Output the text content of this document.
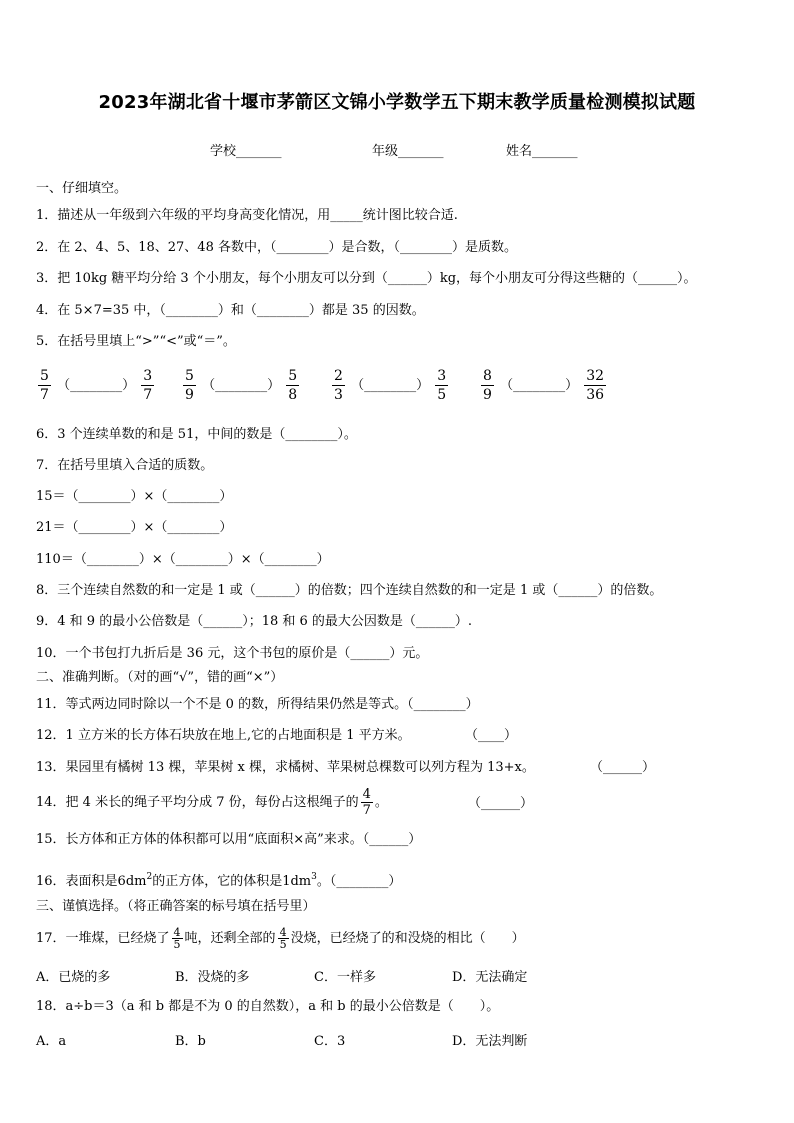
2023年湖北省十堰市茅箭区文锦小学数学五下期末教学质量检测模拟试题
学校_______	年级_______	姓名_______
一、仔细填空。
1．描述从一年级到六年级的平均身高变化情况，用_____统计图比较合适.
2．在 2、4、5、18、27、48 各数中，（________）是合数，（________）是质数。
3．把 10kg 糖平均分给 3 个小朋友，每个小朋友可以分到（______）kg，每个小朋友可分得这些糖的（______）。
4．在 5×7=35 中，（________）和（________）都是 35 的因数。
5．在括号里填上“>”“<”或“＝”。
$\frac{5}{7}$ （________） $\frac{3}{7} \frac{5}{9}$ （________） $\frac{5}{8} \frac{2}{3}$ （________） $\frac{3}{5} \frac{8}{9}$ （________） $\frac{32}{36}$
6．3 个连续单数的和是 51，中间的数是（________）。
7．在括号里填入合适的质数。
15＝（________）×（________）
21＝（________）×（________）
110＝（________）×（________）×（________）
8．三个连续自然数的和一定是 1 或（______）的倍数；四个连续自然数的和一定是 1 或（______）的倍数。
9．4 和 9 的最小公倍数是（______）；18 和 6 的最大公因数是（______）.
10．一个书包打九折后是 36 元，这个书包的原价是（______）元。
二、准确判断。（对的画“√”，错的画“×”）
11．等式两边同时除以一个不是 0 的数，所得结果仍然是等式。（________）
12．1 立方米的长方体石块放在地上,它的占地面积是 1 平方米。	（____）
13．果园里有橘树 13 棵，苹果树 x 棵，求橘树、苹果树总棵数可以列方程为 13+x。	（______）
14．把 4 米长的绳子平均分成 7 份，每份占这根绳子的 $\frac{4}{7}$ 。	（______）
15．长方体和正方体的体积都可以用“底面积×高”来求。（______）
16．表面积是$6dm^2$的正方体，它的体积是$1dm^3$。（________）
三、谨慎选择。（将正确答案的标号填在括号里）
17．一堆煤，已经烧了 $\frac{4}{5}$ 吨，还剩全部的 $\frac{4}{5}$ 没烧，已经烧了的和没烧的相比（　　）
A．已烧的多	B．没烧的多	C．一样多	D．无法确定
18．a÷b＝3（a 和 b 都是不为 0 的自然数），a 和 b 的最小公倍数是（　　）。
A．a	B．b	C．3	D．无法判断
